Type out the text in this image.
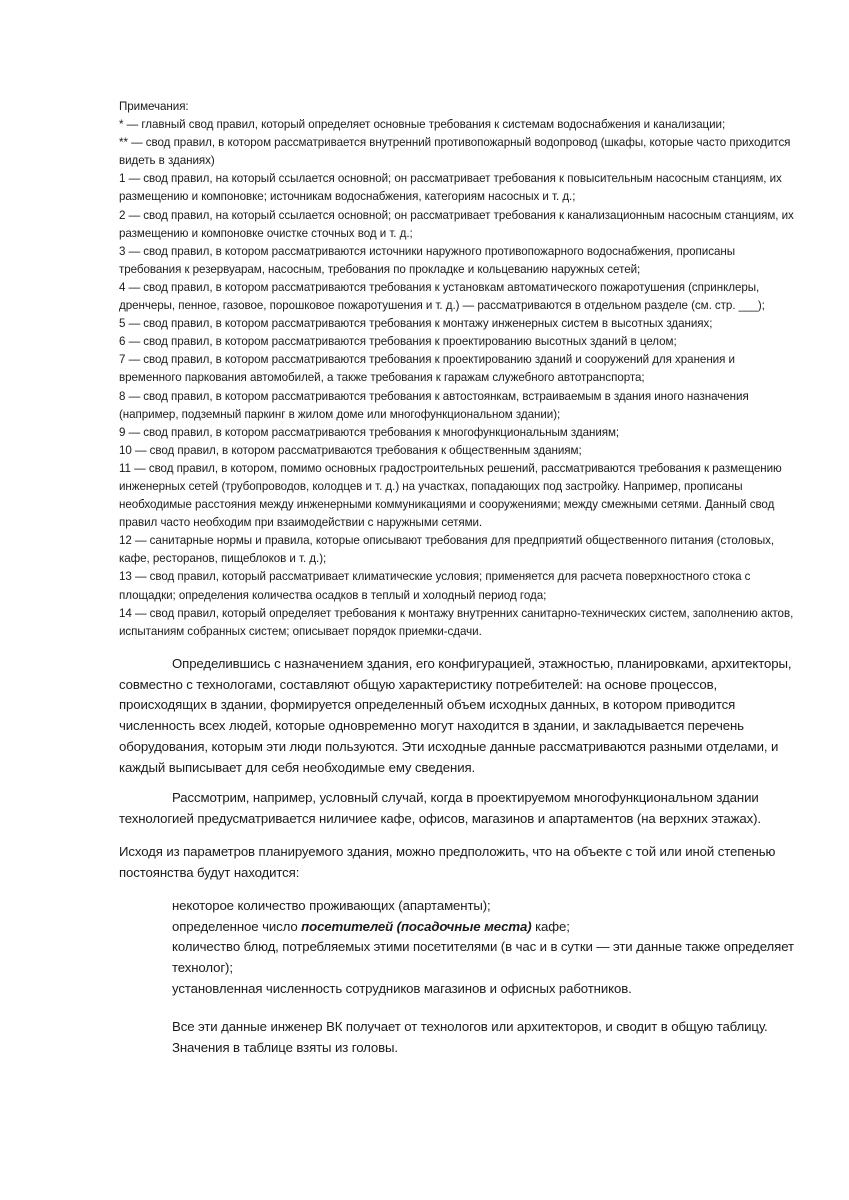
Примечания:

* — главный свод правил, который определяет основные требования к системам водоснабжения и канализации;

** — свод правил, в котором рассматривается внутренний противопожарный водопровод (шкафы, которые часто приходится видеть в зданиях)

1 — свод правил, на который ссылается основной; он рассматривает требования к повысительным насосным станциям, их размещению и компоновке; источникам водоснабжения, категориям насосных и т. д.;

2 — свод правил, на который ссылается основной; он рассматривает требования к канализационным насосным станциям, их размещению и компоновке очистке сточных вод и т. д.;

3 — свод правил, в котором рассматриваются источники наружного противопожарного водоснабжения, прописаны требования к резервуарам, насосным, требования по прокладке и кольцеванию наружных сетей;

4 — свод правил, в котором рассматриваются требования к установкам автоматического пожаротушения (спринклеры, дренчеры, пенное, газовое, порошковое пожаротушения и т. д.) — рассматриваются в отдельном разделе (см. стр. ___);

5 — свод правил, в котором рассматриваются требования к монтажу инженерных систем в высотных зданиях;

6 — свод правил, в котором рассматриваются требования к проектированию высотных зданий в целом;

7 — свод правил, в котором рассматриваются требования к проектированию зданий и сооружений для хранения и временного паркования автомобилей, а также требования к гаражам служебного автотранспорта;

8 — свод правил, в котором рассматриваются требования к автостоянкам, встраиваемым в здания иного назначения (например, подземный паркинг в жилом доме или многофункциональном здании);

9 — свод правил, в котором рассматриваются требования к многофункциональным зданиям;

10 — свод правил, в котором рассматриваются требования к общественным зданиям;

11 — свод правил, в котором, помимо основных градостроительных решений, рассматриваются требования к размещению инженерных сетей (трубопроводов, колодцев и т. д.) на участках, попадающих под застройку. Например, прописаны необходимые расстояния между инженерными коммуникациями и сооружениями; между смежными сетями. Данный свод правил часто необходим при взаимодействии с наружными сетями.

12 — санитарные нормы и правила, которые описывают требования для предприятий общественного питания (столовых, кафе, ресторанов, пищеблоков и т. д.);

13 — свод правил, который рассматривает климатические условия; применяется для расчета поверхностного стока с площадки; определения количества осадков в теплый и холодный период года;

14 — свод правил, который определяет требования к монтажу внутренних санитарно-технических систем, заполнению актов, испытаниям собранных систем; описывает порядок приемки-сдачи.

Определившись с назначением здания, его конфигурацией, этажностью, планировками, архитекторы, совместно с технологами, составляют общую характеристику потребителей: на основе процессов, происходящих в здании, формируется определенный объем исходных данных, в котором приводится численность всех людей, которые одновременно могут находится в здании, и закладывается перечень оборудования, которым эти люди пользуются. Эти исходные данные рассматриваются разными отделами, и каждый выписывает для себя необходимые ему сведения.

Рассмотрим, например, условный случай, когда в проектируемом многофункциональном здании технологией предусматривается ниличиее кафе, офисов, магазинов и апартаментов (на верхних этажах).

Исходя из параметров планируемого здания, можно предположить, что на объекте с той или иной степенью постоянства будут находится:

некоторое количество проживающих (апартаменты);

определенное число посетителей (посадочные места) кафе;

количество блюд, потребляемых этими посетителями (в час и в сутки — эти данные также определяет технолог);

установленная численность сотрудников магазинов и офисных работников.

Все эти данные инженер ВК получает от технологов или архитекторов, и сводит в общую таблицу. Значения в таблице взяты из головы.
